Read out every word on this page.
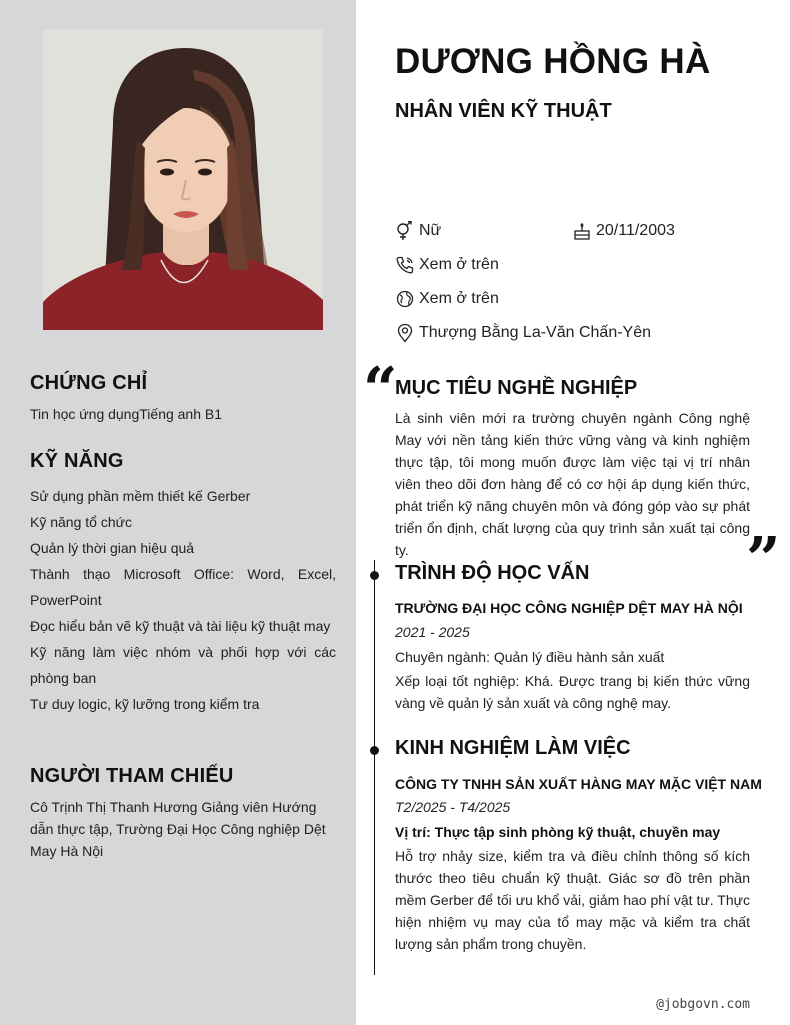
CHỨNG CHỈ

Tin học ứng dụngTiếng anh B1

KỸ NĂNG
Sử dụng phần mềm thiết kế Gerber
Kỹ năng tổ chức
Quản lý thời gian hiệu quả
Thành thạo Microsoft Office: Word, Excel, PowerPoint
Đọc hiểu bản vẽ kỹ thuật và tài liệu kỹ thuật may
Kỹ năng làm việc nhóm và phối hợp với các phòng ban
Tư duy logic, kỹ lưỡng trong kiểm tra
NGƯỜI THAM CHIẾU

Cô Trịnh Thị Thanh Hương Giảng viên Hướng dẫn thực tập, Trường Đại Học Công nghiệp Dệt May Hà Nội

DƯƠNG HỒNG HÀ
NHÂN VIÊN KỸ THUẬT
Nữ	20/11/2003
Xem ở trên
Xem ở trên
Thượng Bằng La-Văn Chấn-Yên
“
MỤC TIÊU NGHỀ NGHIỆP

Là sinh viên mới ra trường chuyên ngành Công nghệ May với nền tảng kiến thức vững vàng và kinh nghiệm thực tập, tôi mong muốn được làm việc tại vị trí nhân viên theo dõi đơn hàng để có cơ hội áp dụng kiến thức, phát triển kỹ năng chuyên môn và đóng góp vào sự phát triển ổn định, chất lượng của quy trình sản xuất tại công ty.	”
TRÌNH ĐỘ HỌC VẤN
TRƯỜNG ĐẠI HỌC CÔNG NGHIỆP DỆT MAY HÀ NỘI
2021 - 2025
Chuyên ngành: Quản lý điều hành sản xuất
Xếp loại tốt nghiệp: Khá. Được trang bị kiến thức vững vàng về quản lý sản xuất và công nghệ may.
KINH NGHIỆM LÀM VIỆC
CÔNG TY TNHH SẢN XUẤT HÀNG MAY MẶC VIỆT NAM
T2/2025 - T4/2025
Vị trí: Thực tập sinh phòng kỹ thuật, chuyền may

Hỗ trợ nhảy size, kiểm tra và điều chỉnh thông số kích thước theo tiêu chuẩn kỹ thuật. Giác sơ đồ trên phần mềm Gerber để tối ưu khổ vải, giảm hao phí vật tư. Thực hiện nhiệm vụ may của tổ may mặc và kiểm tra chất lượng sản phẩm trong chuyền.

@jobgovn.com
